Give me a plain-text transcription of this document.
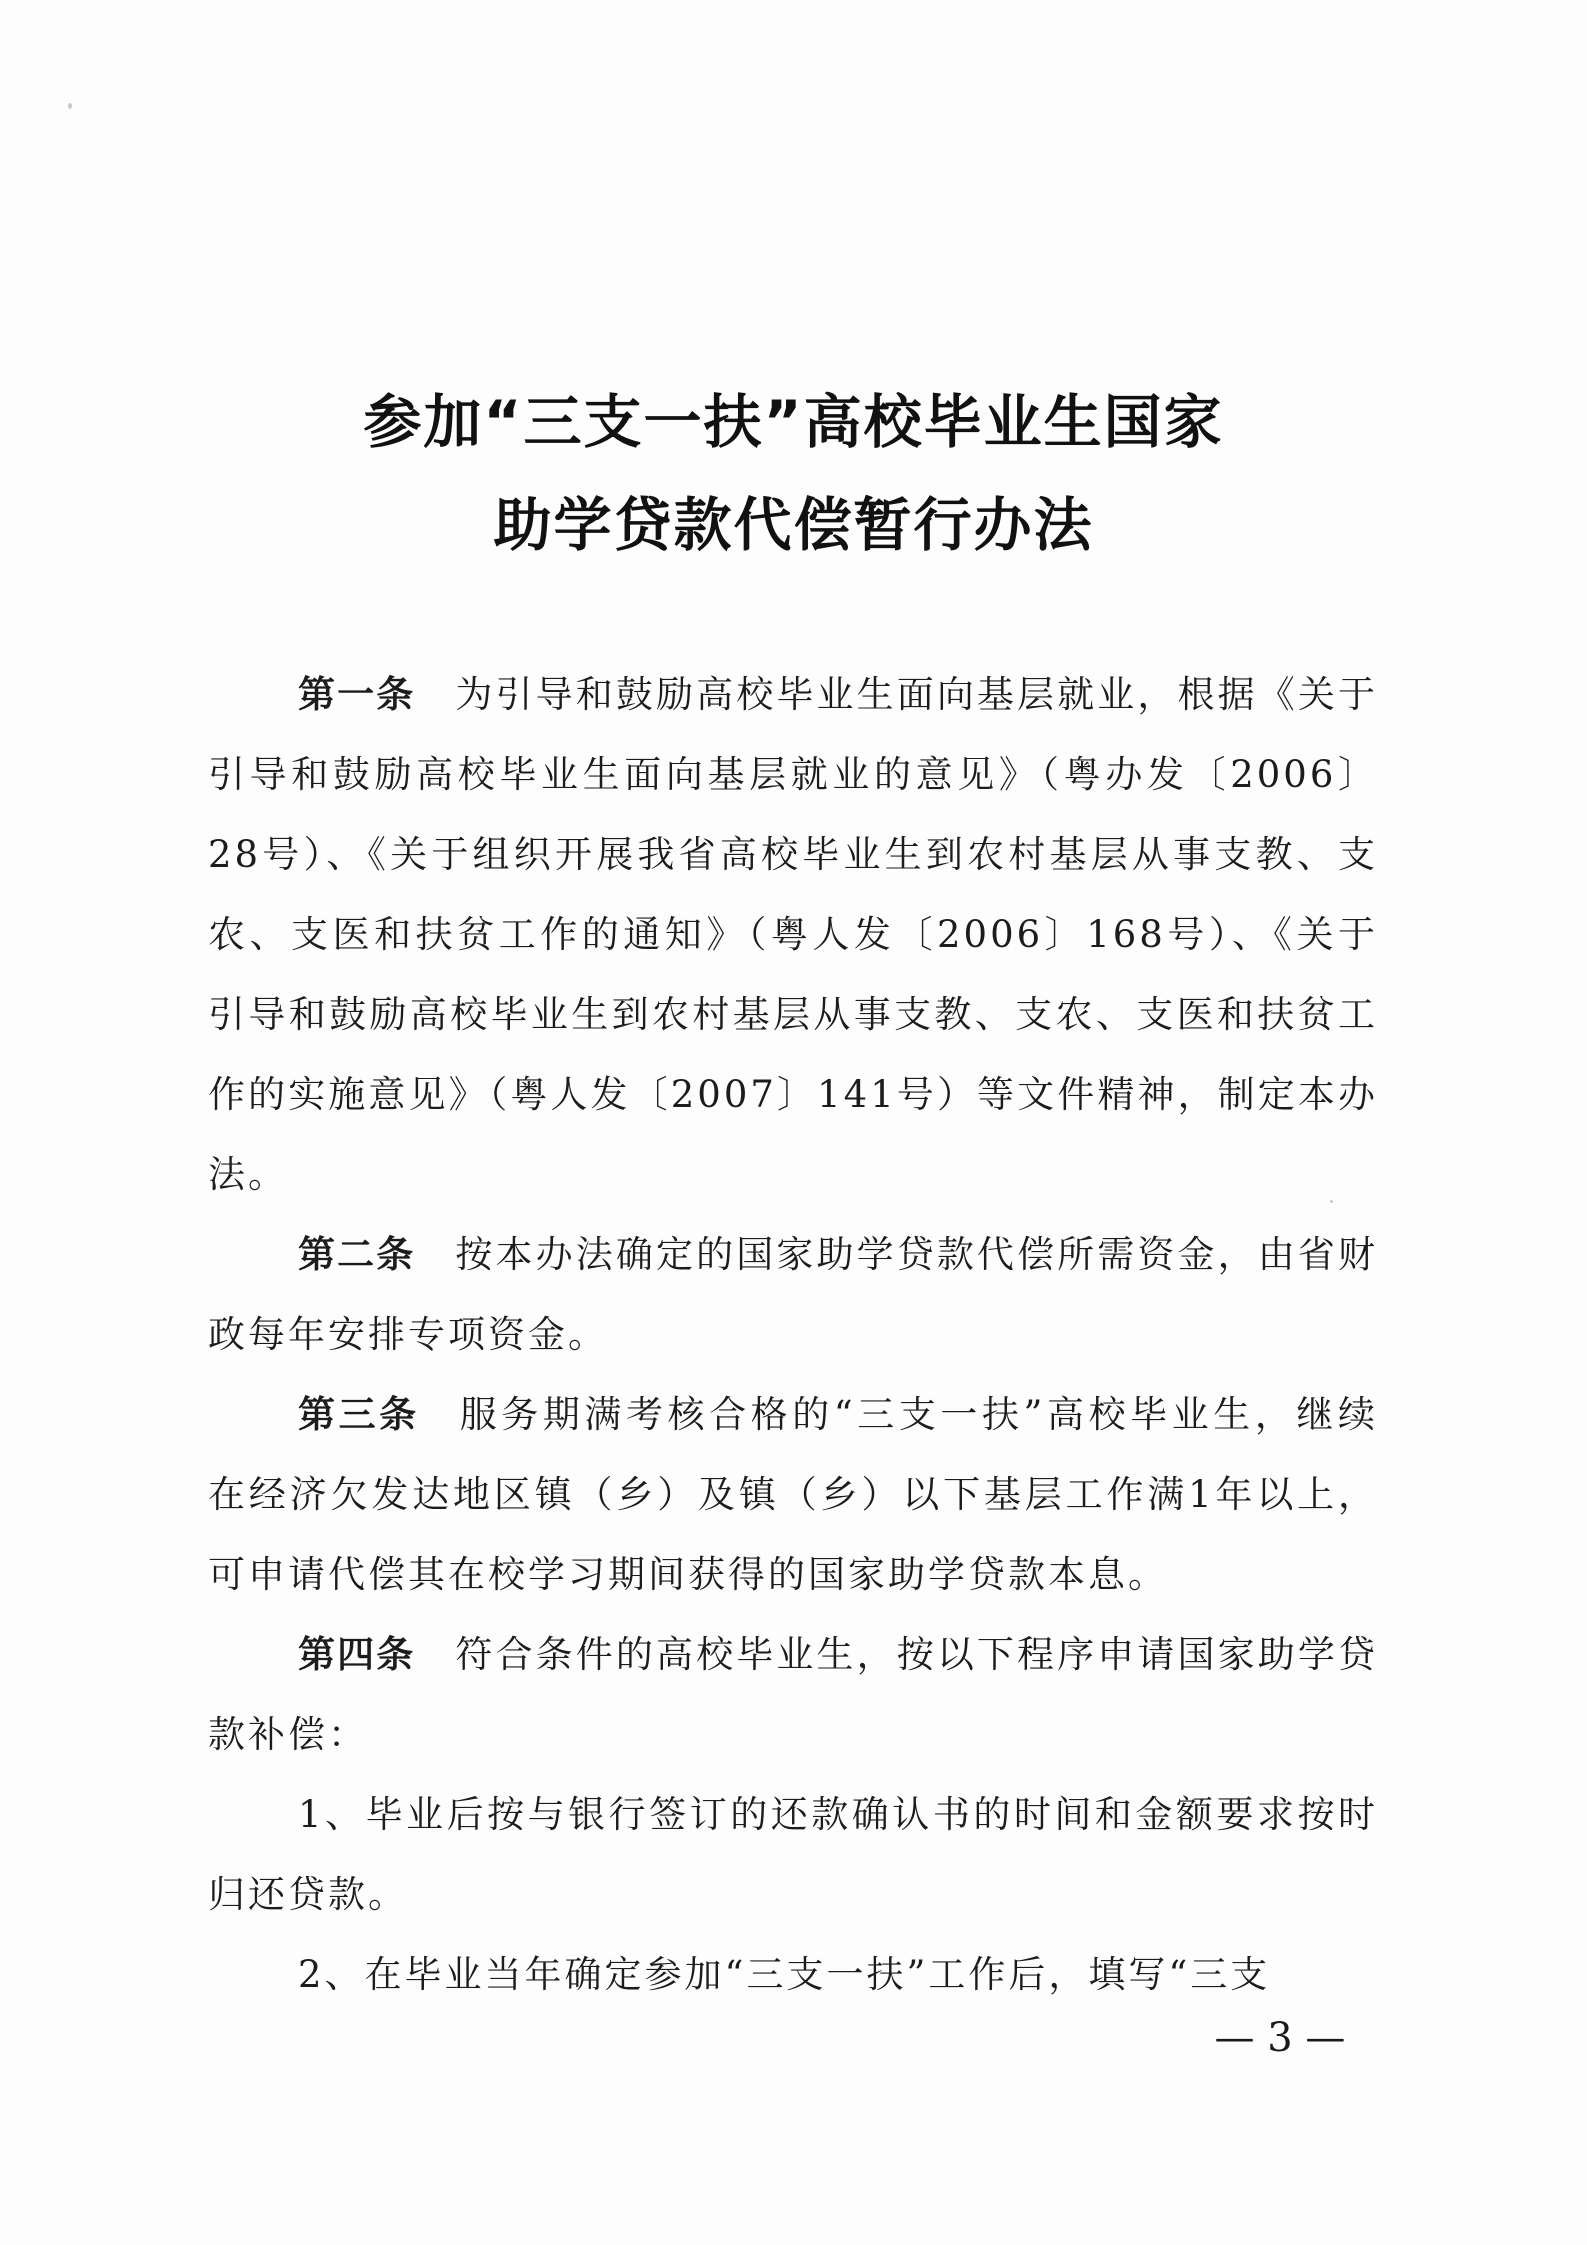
参加“三支一扶”高校毕业生国家
助学贷款代偿暂行办法

第一条 为引导和鼓励高校毕业生面向基层就业，根据《关于引导和鼓励高校毕业生面向基层就业的意见》（粤办发〔2006〕28号）、《关于组织开展我省高校毕业生到农村基层从事支教、支农、支医和扶贫工作的通知》（粤人发〔2006〕168号）、《关于引导和鼓励高校毕业生到农村基层从事支教、支农、支医和扶贫工作的实施意见》（粤人发〔2007〕141号）等文件精神，制定本办法。

第二条 按本办法确定的国家助学贷款代偿所需资金，由省财政每年安排专项资金。

第三条 服务期满考核合格的“三支一扶”高校毕业生，继续在经济欠发达地区镇（乡）及镇（乡）以下基层工作满1年以上，可申请代偿其在校学习期间获得的国家助学贷款本息。

第四条 符合条件的高校毕业生，按以下程序申请国家助学贷款补偿：

1、毕业后按与银行签订的还款确认书的时间和金额要求按时归还贷款。

2、在毕业当年确定参加“三支一扶”工作后，填写“三支

— 3 —
